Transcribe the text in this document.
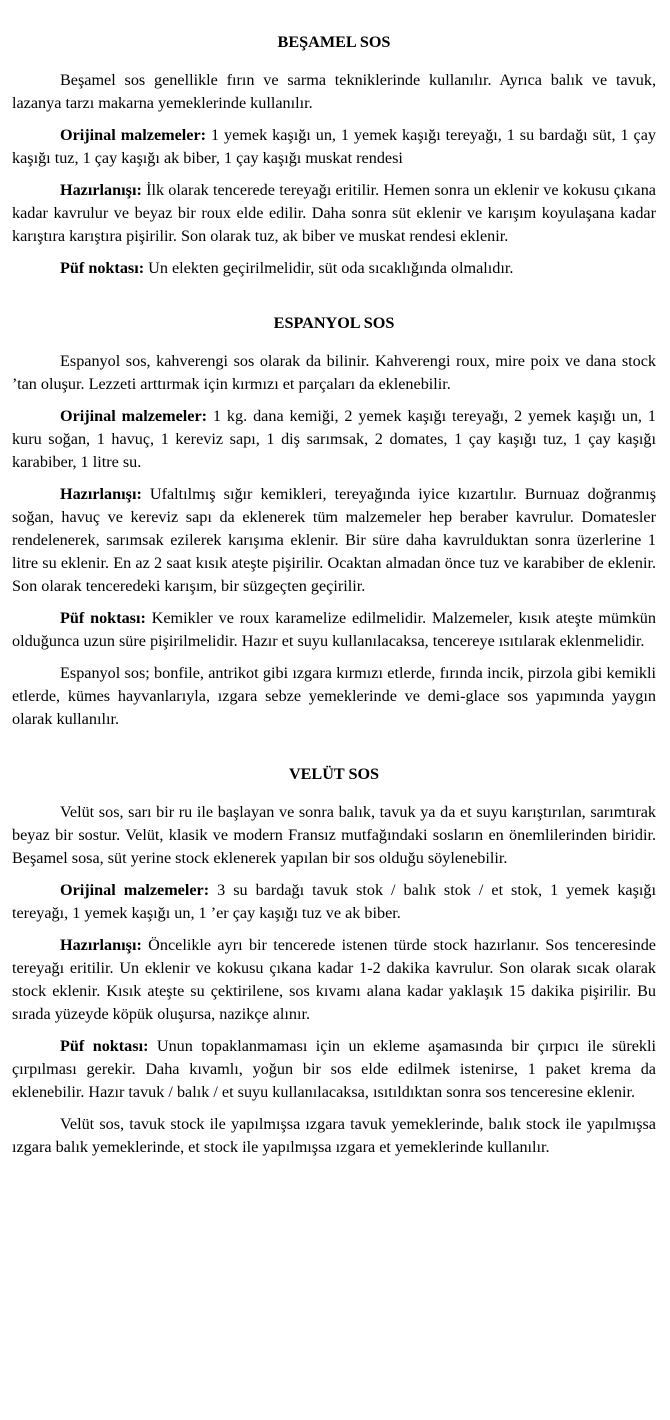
BEŞAMEL SOS

Beşamel sos genellikle fırın ve sarma tekniklerinde kullanılır. Ayrıca balık ve tavuk, lazanya tarzı makarna yemeklerinde kullanılır.

Orijinal malzemeler: 1 yemek kaşığı un, 1 yemek kaşığı tereyağı, 1 su bardağı süt, 1 çay kaşığı tuz, 1 çay kaşığı ak biber, 1 çay kaşığı muskat rendesi

Hazırlanışı: İlk olarak tencerede tereyağı eritilir. Hemen sonra un eklenir ve kokusu çıkana kadar kavrulur ve beyaz bir roux elde edilir. Daha sonra süt eklenir ve karışım koyulaşana kadar karıştıra karıştıra pişirilir. Son olarak tuz, ak biber ve muskat rendesi eklenir.

Püf noktası: Un elekten geçirilmelidir, süt oda sıcaklığında olmalıdır.

ESPANYOL SOS

Espanyol sos, kahverengi sos olarak da bilinir. Kahverengi roux, mire poix ve dana stock ’tan oluşur. Lezzeti arttırmak için kırmızı et parçaları da eklenebilir.

Orijinal malzemeler: 1 kg. dana kemiği, 2 yemek kaşığı tereyağı, 2 yemek kaşığı un, 1 kuru soğan, 1 havuç, 1 kereviz sapı, 1 diş sarımsak, 2 domates, 1 çay kaşığı tuz, 1 çay kaşığı karabiber, 1 litre su.

Hazırlanışı: Ufaltılmış sığır kemikleri, tereyağında iyice kızartılır. Burnuaz doğranmış soğan, havuç ve kereviz sapı da eklenerek tüm malzemeler hep beraber kavrulur. Domatesler rendelenerek, sarımsak ezilerek karışıma eklenir. Bir süre daha kavrulduktan sonra üzerlerine 1 litre su eklenir. En az 2 saat kısık ateşte pişirilir. Ocaktan almadan önce tuz ve karabiber de eklenir. Son olarak tenceredeki karışım, bir süzgeçten geçirilir.

Püf noktası: Kemikler ve roux karamelize edilmelidir. Malzemeler, kısık ateşte mümkün olduğunca uzun süre pişirilmelidir. Hazır et suyu kullanılacaksa, tencereye ısıtılarak eklenmelidir.

Espanyol sos; bonfile, antrikot gibi ızgara kırmızı etlerde, fırında incik, pirzola gibi kemikli etlerde, kümes hayvanlarıyla, ızgara sebze yemeklerinde ve demi-glace sos yapımında yaygın olarak kullanılır.

VELÜT SOS

Velüt sos, sarı bir ru ile başlayan ve sonra balık, tavuk ya da et suyu karıştırılan, sarımtırak beyaz bir sostur. Velüt, klasik ve modern Fransız mutfağındaki sosların en önemlilerinden biridir. Beşamel sosa, süt yerine stock eklenerek yapılan bir sos olduğu söylenebilir.

Orijinal malzemeler: 3 su bardağı tavuk stok / balık stok / et stok, 1 yemek kaşığı tereyağı, 1 yemek kaşığı un, 1 ’er çay kaşığı tuz ve ak biber.

Hazırlanışı: Öncelikle ayrı bir tencerede istenen türde stock hazırlanır. Sos tenceresinde tereyağı eritilir. Un eklenir ve kokusu çıkana kadar 1-2 dakika kavrulur. Son olarak sıcak olarak stock eklenir. Kısık ateşte su çektirilene, sos kıvamı alana kadar yaklaşık 15 dakika pişirilir. Bu sırada yüzeyde köpük oluşursa, nazikçe alınır.

Püf noktası: Unun topaklanmaması için un ekleme aşamasında bir çırpıcı ile sürekli çırpılması gerekir. Daha kıvamlı, yoğun bir sos elde edilmek istenirse, 1 paket krema da eklenebilir. Hazır tavuk / balık / et suyu kullanılacaksa, ısıtıldıktan sonra sos tenceresine eklenir.

Velüt sos, tavuk stock ile yapılmışsa ızgara tavuk yemeklerinde, balık stock ile yapılmışsa ızgara balık yemeklerinde, et stock ile yapılmışsa ızgara et yemeklerinde kullanılır.
